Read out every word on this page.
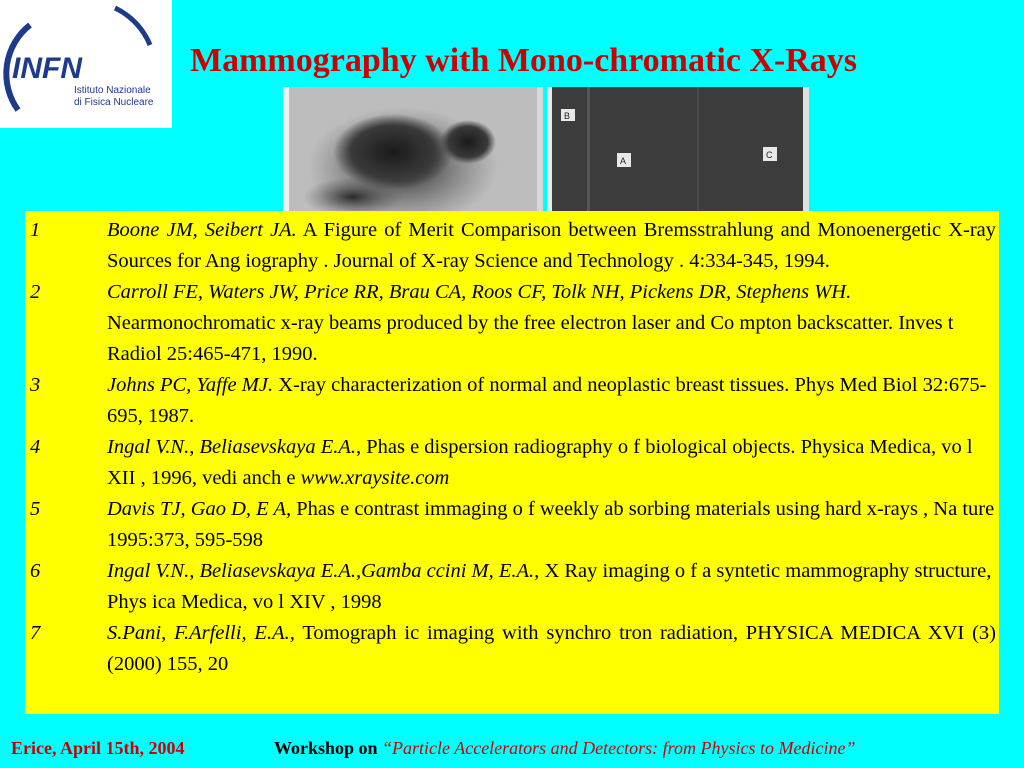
INFN
Istituto Nazionale
di Fisica Nucleare
Mammography with Mono-chromatic X-Rays
B
A
C
1	Boone JM, Seibert JA. A Figure of Merit Comparison between Bremsstrahlung and Monoenergetic X-ray Sources for Ang iography . Journal of X-ray Science and Technology . 4:334-345, 1994.
2	Carroll FE, Waters JW, Price RR, Brau CA, Roos CF, Tolk NH, Pickens DR, Stephens WH. Nearmonochromatic x-ray beams produced by the free electron laser and Co mpton backscatter. Inves t Radiol 25:465-471, 1990.
3	Johns PC, Yaffe MJ. X-ray characterization of normal and neoplastic breast tissues. Phys Med Biol 32:675-695, 1987.
4	Ingal V.N., Beliasevskaya E.A., Phas e dispersion radiography o f biological objects. Physica Medica, vo l XII , 1996, vedi anch e www.xraysite.com
5	Davis TJ, Gao D, E A, Phas e contrast immaging o f weekly ab sorbing materials using hard x-rays , Na ture 1995:373, 595-598
6	Ingal V.N., Beliasevskaya E.A.,Gamba ccini M, E.A., X Ray imaging o f a syntetic mammography structure, Phys ica Medica, vo l XIV , 1998
7	S.Pani, F.Arfelli, E.A., Tomograph ic imaging with synchro tron radiation, PHYSICA MEDICA XVI (3) (2000) 155, 20
Erice, April 15th, 2004	Workshop on “Particle Accelerators and Detectors: from Physics to Medicine”
